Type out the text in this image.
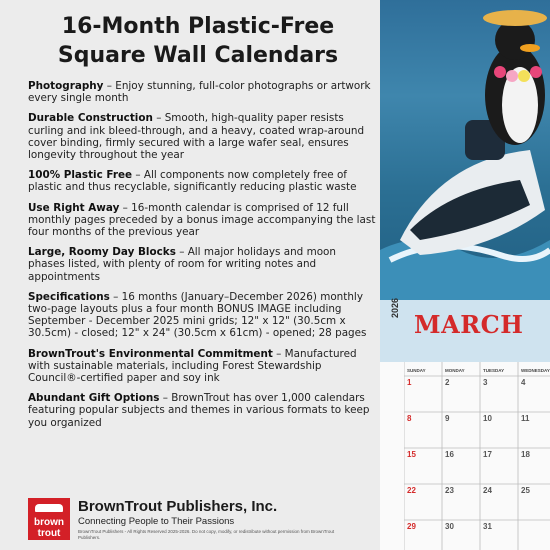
16-Month Plastic-Free
Square Wall Calendars
Photography – Enjoy stunning, full-color photographs or artwork every single month
Durable Construction – Smooth, high-quality paper resists curling and ink bleed-through, and a heavy, coated wrap-around cover binding, firmly secured with a large wafer seal, ensures longevity throughout the year
100% Plastic Free – All components now completely free of plastic and thus recyclable, significantly reducing plastic waste
Use Right Away – 16-month calendar is comprised of 12 full monthly pages preceded by a bonus image accompanying the last four months of the previous year
Large, Roomy Day Blocks – All major holidays and moon phases listed, with plenty of room for writing notes and appointments
Specifications – 16 months (January–December 2026) monthly two-page layouts plus a four month BONUS IMAGE including September - December 2025 mini grids; 12" x 12" (30.5cm x 30.5cm) - closed; 12" x 24" (30.5cm x 61cm) - opened; 28 pages
BrownTrout's Environmental Commitment – Manufactured with sustainable materials, including Forest Stewardship Council®-certified paper and soy ink
Abundant Gift Options – BrownTrout has over 1,000 calendars featuring popular subjects and themes in various formats to keep you organized
brown
trout
BrownTrout Publishers, Inc.
Connecting People to Their Passions
BrownTrout Publishers - All Rights Reserved 2025-2026. Do not copy, modify, or redistribute without permission from BrownTrout Publishers.
MARCH
2026
SUNDAY	MONDAY	TUESDAY	WEDNESDAY
1	2	3	4
8	9	10	11
15	16	17	18
22	23	24	25
29	30	31
